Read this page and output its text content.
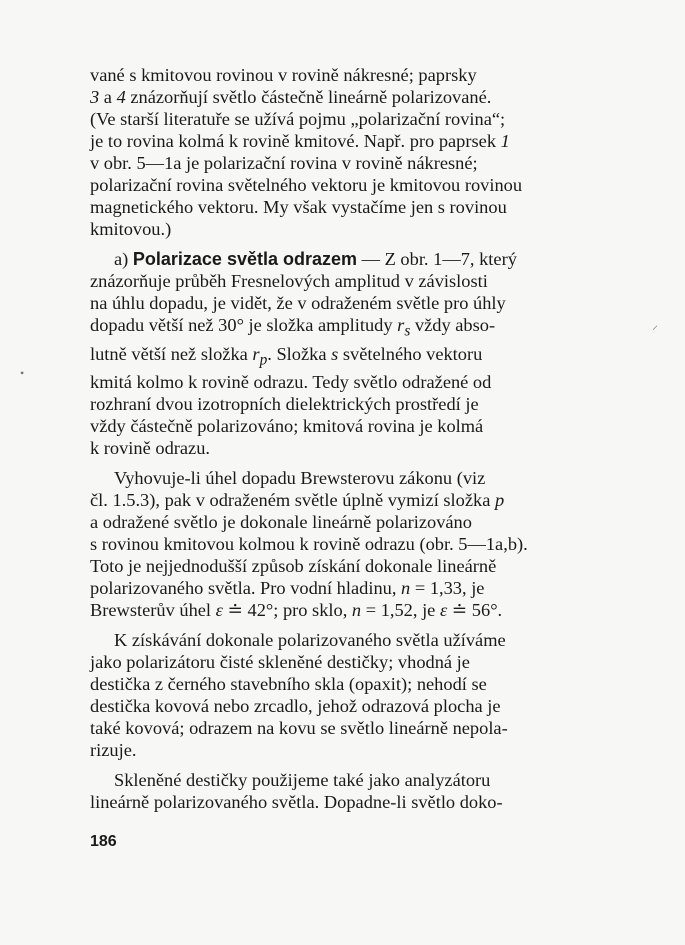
vané s kmitovou rovinou v rovině nákresné; paprsky
3 a 4 znázorňují světlo částečně lineárně polarizované.
(Ve starší literatuře se užívá pojmu „polarizační rovina“;
je to rovina kolmá k rovině kmitové. Např. pro paprsek 1
v obr. 5—1a je polarizační rovina v rovině nákresné;
polarizační rovina světelného vektoru je kmitovou rovinou
magnetického vektoru. My však vystačíme jen s rovinou
kmitovou.)

a) Polarizace světla odrazem — Z obr. 1—7, který
znázorňuje průběh Fresnelových amplitud v závislosti
na úhlu dopadu, je vidět, že v odraženém světle pro úhly
dopadu větší než 30° je složka amplitudy $r_s$ vždy abso-
lutně větší než složka $r_p$. Složka s světelného vektoru
kmitá kolmo k rovině odrazu. Tedy světlo odražené od
rozhraní dvou izotropních dielektrických prostředí je
vždy částečně polarizováno; kmitová rovina je kolmá
k rovině odrazu.

Vyhovuje-li úhel dopadu Brewsterovu zákonu (viz
čl. 1.5.3), pak v odraženém světle úplně vymizí složka p
a odražené světlo je dokonale lineárně polarizováno
s rovinou kmitovou kolmou k rovině odrazu (obr. 5—1a,b).
Toto je nejjednodušší způsob získání dokonale lineárně
polarizovaného světla. Pro vodní hladinu, n = 1,33, je
Brewsterův úhel ε ≐ 42°; pro sklo, n = 1,52, je ε ≐ 56°.

K získávání dokonale polarizovaného světla užíváme
jako polarizátoru čisté skleněné destičky; vhodná je
destička z černého stavebního skla (opaxit); nehodí se
destička kovová nebo zrcadlo, jehož odrazová plocha je
také kovová; odrazem na kovu se světlo lineárně nepola-
rizuje.

Skleněné destičky použijeme také jako analyzátoru
lineárně polarizovaného světla. Dopadne-li světlo doko-

186
•
⸝
